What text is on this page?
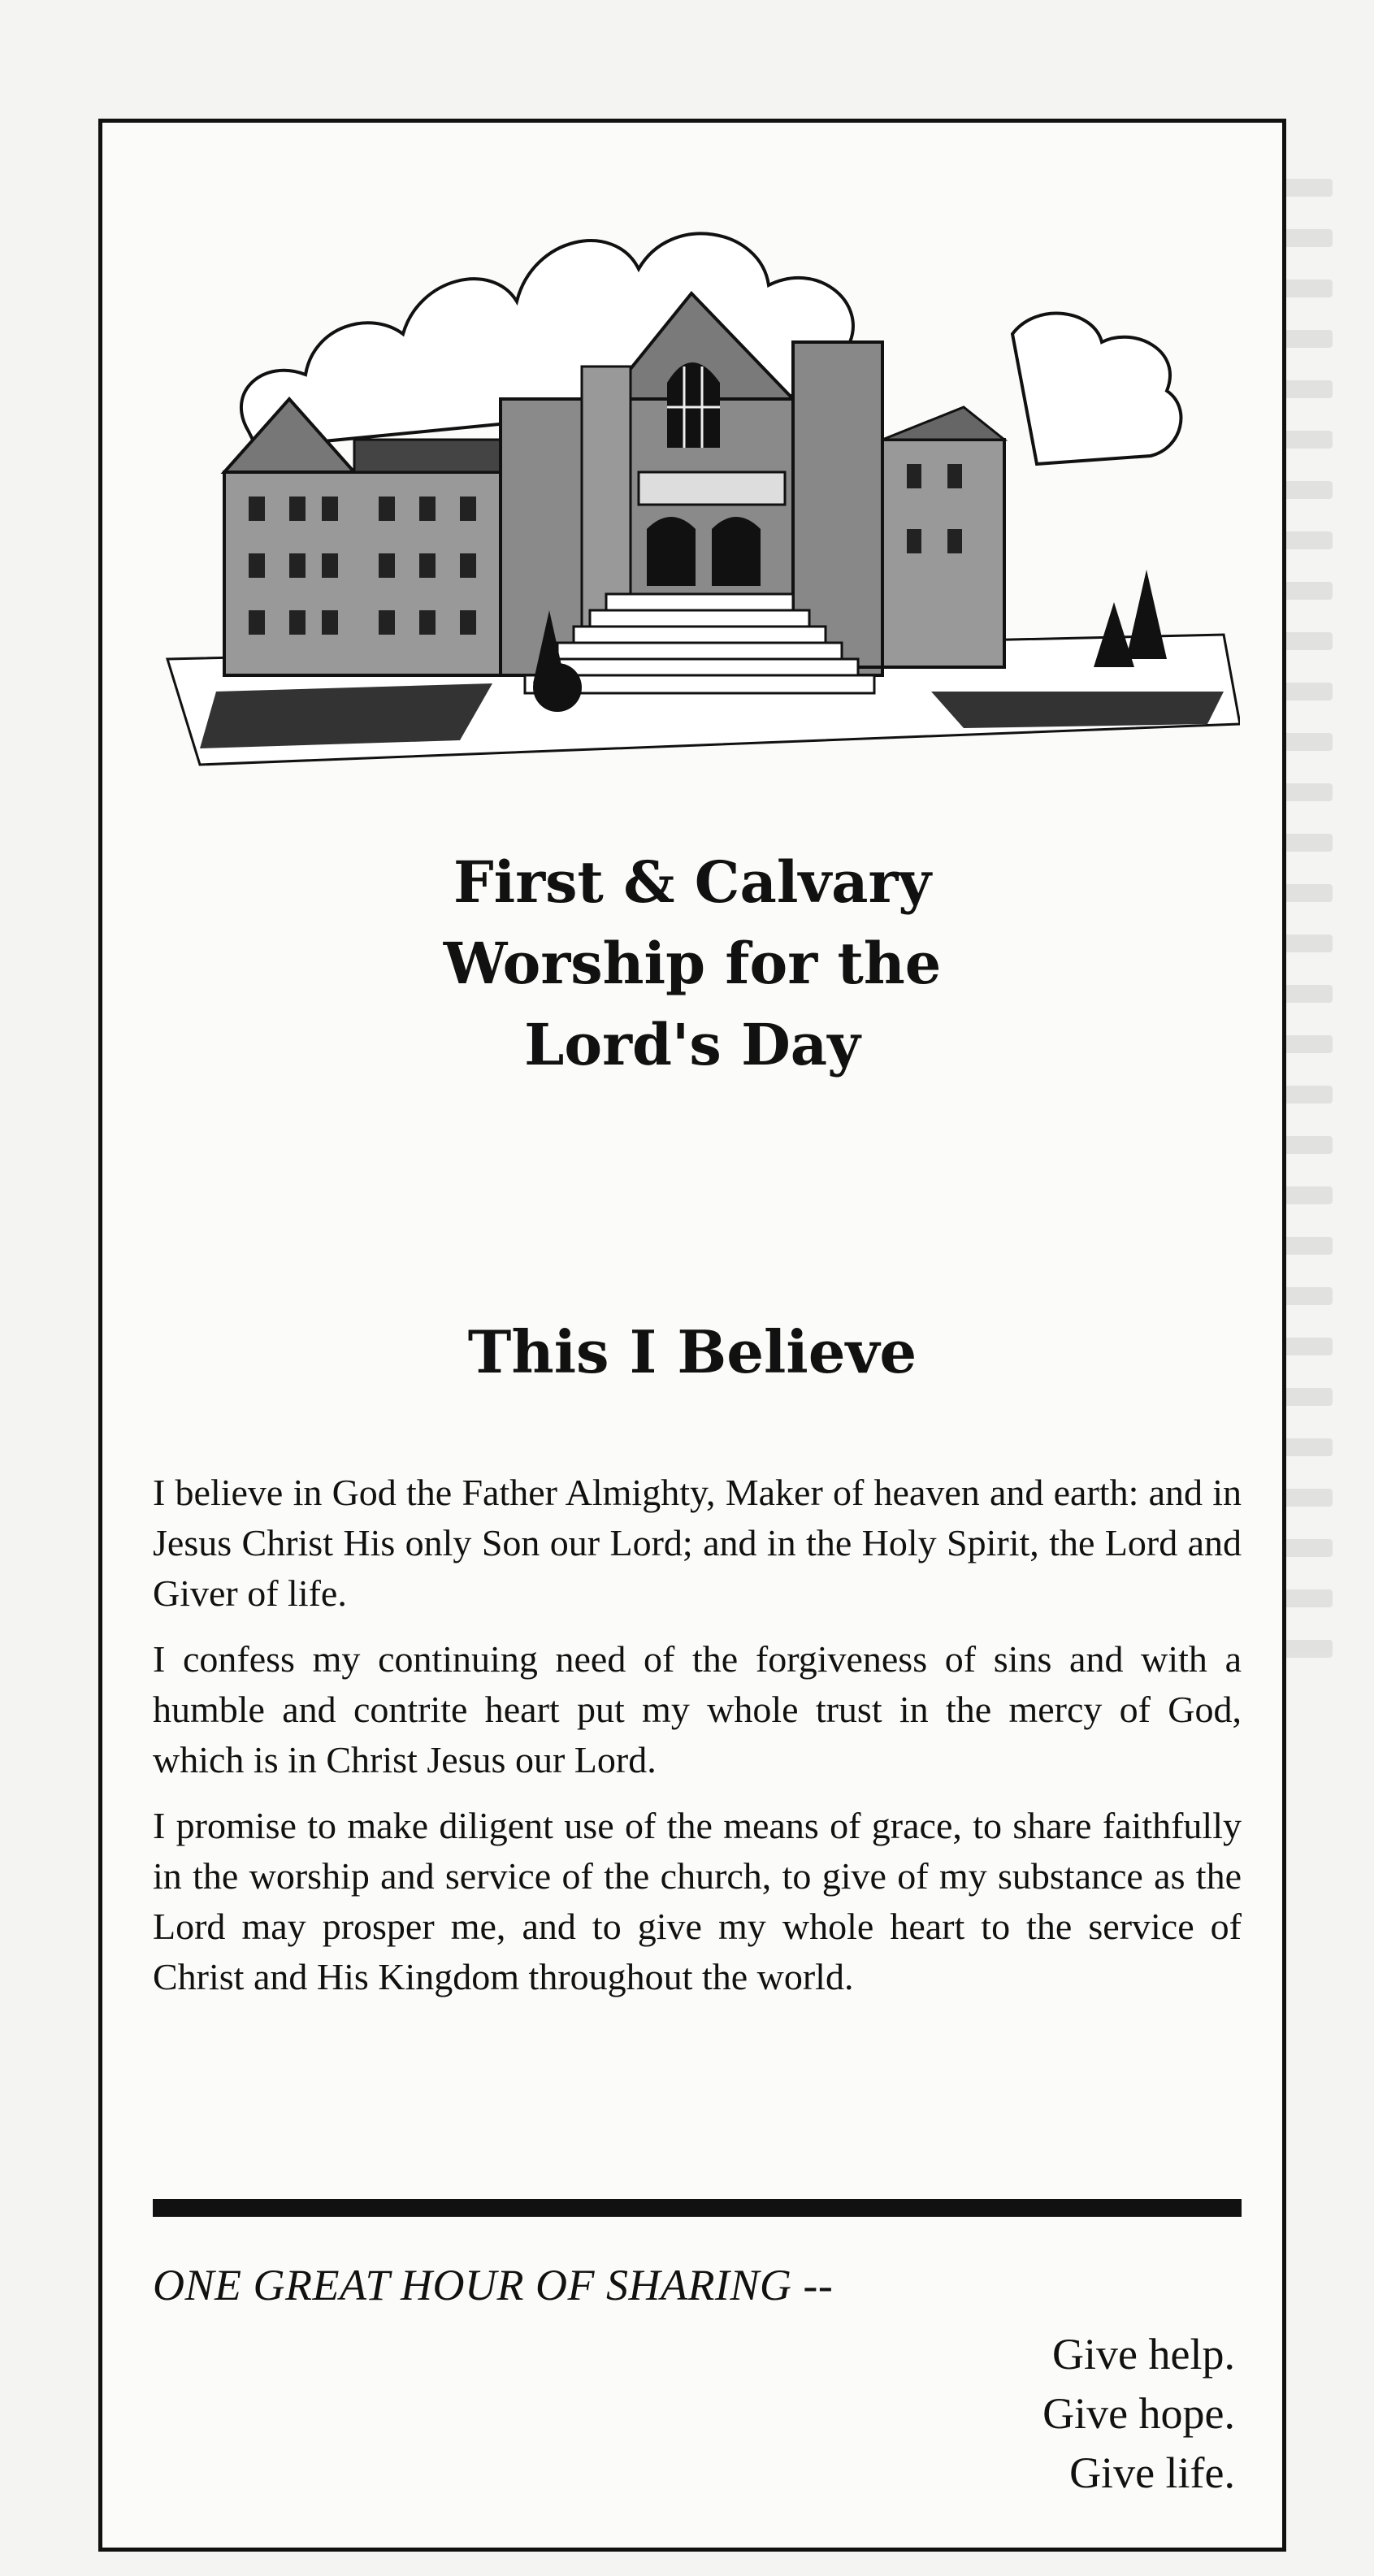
First & Calvary
Worship for the
Lord's Day
This I Believe
I believe in God the Father Almighty, Maker of heaven and earth: and in Jesus Christ His only Son our Lord; and in the Holy Spirit, the Lord and Giver of life.
I confess my continuing need of the forgiveness of sins and with a humble and contrite heart put my whole trust in the mercy of God, which is in Christ Jesus our Lord.
I promise to make diligent use of the means of grace, to share faithfully in the worship and service of the church, to give of my substance as the Lord may prosper me, and to give my whole heart to the service of Christ and His Kingdom throughout the world.
ONE GREAT HOUR OF SHARING --
Give help.
Give hope.
Give life.
